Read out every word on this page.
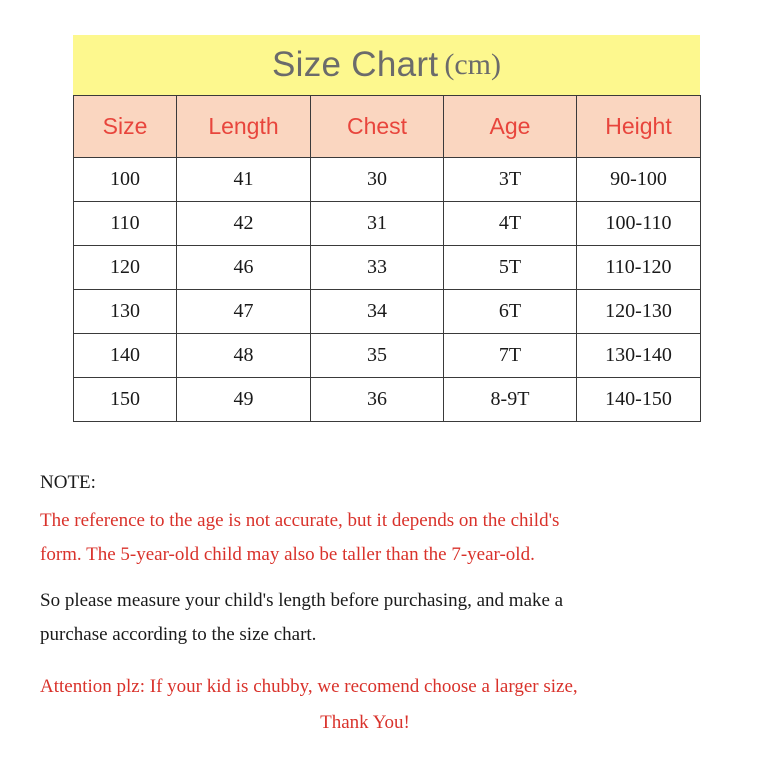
Size Chart (cm)
Size	Length	Chest	Age	Height
100	41	30	3T	90-100
110	42	31	4T	100-110
120	46	33	5T	110-120
130	47	34	6T	120-130
140	48	35	7T	130-140
150	49	36	8-9T	140-150
NOTE:
The reference to the age is not accurate, but it depends on the child's
form. The 5-year-old child may also be taller than the 7-year-old.
So please measure your child's length before purchasing, and make a
purchase according to the size chart.
Attention plz: If your kid is chubby, we recomend choose a larger size,
Thank You!
